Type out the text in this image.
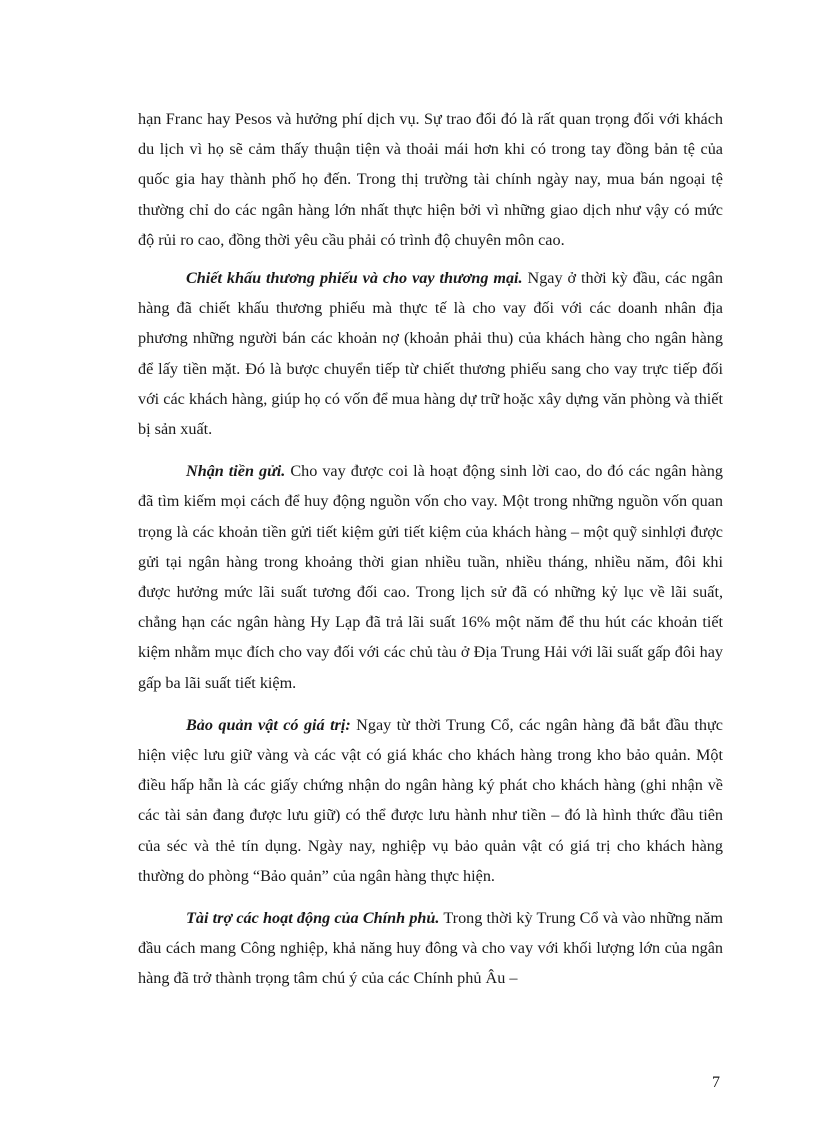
hạn Franc hay Pesos và hưởng phí dịch vụ. Sự trao đổi đó là rất quan trọng đối với khách du lịch vì họ sẽ cảm thấy thuận tiện và thoải mái hơn khi có trong tay đồng bản tệ của quốc gia hay thành phố họ đến. Trong thị trường tài chính ngày nay, mua bán ngoại tệ thường chỉ do các ngân hàng lớn nhất thực hiện bởi vì những giao dịch như vậy có mức độ rủi ro cao, đồng thời yêu cầu phải có trình độ chuyên môn cao.

Chiết khấu thương phiếu và cho vay thương mại. Ngay ở thời kỳ đầu, các ngân hàng đã chiết khấu thương phiếu mà thực tế là cho vay đối với các doanh nhân địa phương những người bán các khoản nợ (khoản phải thu) của khách hàng cho ngân hàng để lấy tiền mặt. Đó là bược chuyển tiếp từ chiết thương phiếu sang cho vay trực tiếp đối với các khách hàng, giúp họ có vốn để mua hàng dự trữ hoặc xây dựng văn phòng và thiết bị sản xuất.

Nhận tiền gửi. Cho vay được coi là hoạt động sinh lời cao, do đó các ngân hàng đã tìm kiếm mọi cách để huy động nguồn vốn cho vay. Một trong những nguồn vốn quan trọng là các khoản tiền gửi tiết kiệm gửi tiết kiệm của khách hàng – một quỹ sinhlợi được gửi tại ngân hàng trong khoảng thời gian nhiều tuần, nhiều tháng, nhiều năm, đôi khi được hưởng mức lãi suất tương đối cao. Trong lịch sử đã có những kỷ lục về lãi suất, chẳng hạn các ngân hàng Hy Lạp đã trả lãi suất 16% một năm để thu hút các khoản tiết kiệm nhằm mục đích cho vay đối với các chủ tàu ở Địa Trung Hải với lãi suất gấp đôi hay gấp ba lãi suất tiết kiệm.

Bảo quản vật có giá trị: Ngay từ thời Trung Cổ, các ngân hàng đã bắt đầu thực hiện việc lưu giữ vàng và các vật có giá khác cho khách hàng trong kho bảo quản. Một điều hấp hẫn là các giấy chứng nhận do ngân hàng ký phát cho khách hàng (ghi nhận về các tài sản đang được lưu giữ) có thể được lưu hành như tiền – đó là hình thức đầu tiên của séc và thẻ tín dụng. Ngày nay, nghiệp vụ bảo quản vật có giá trị cho khách hàng thường do phòng “Bảo quản” của ngân hàng thực hiện.

Tài trợ các hoạt động của Chính phủ. Trong thời kỳ Trung Cổ và vào những năm đầu cách mang Công nghiệp, khả năng huy đông và cho vay với khối lượng lớn của ngân hàng đã trở thành trọng tâm chú ý của các Chính phủ Âu –

7
